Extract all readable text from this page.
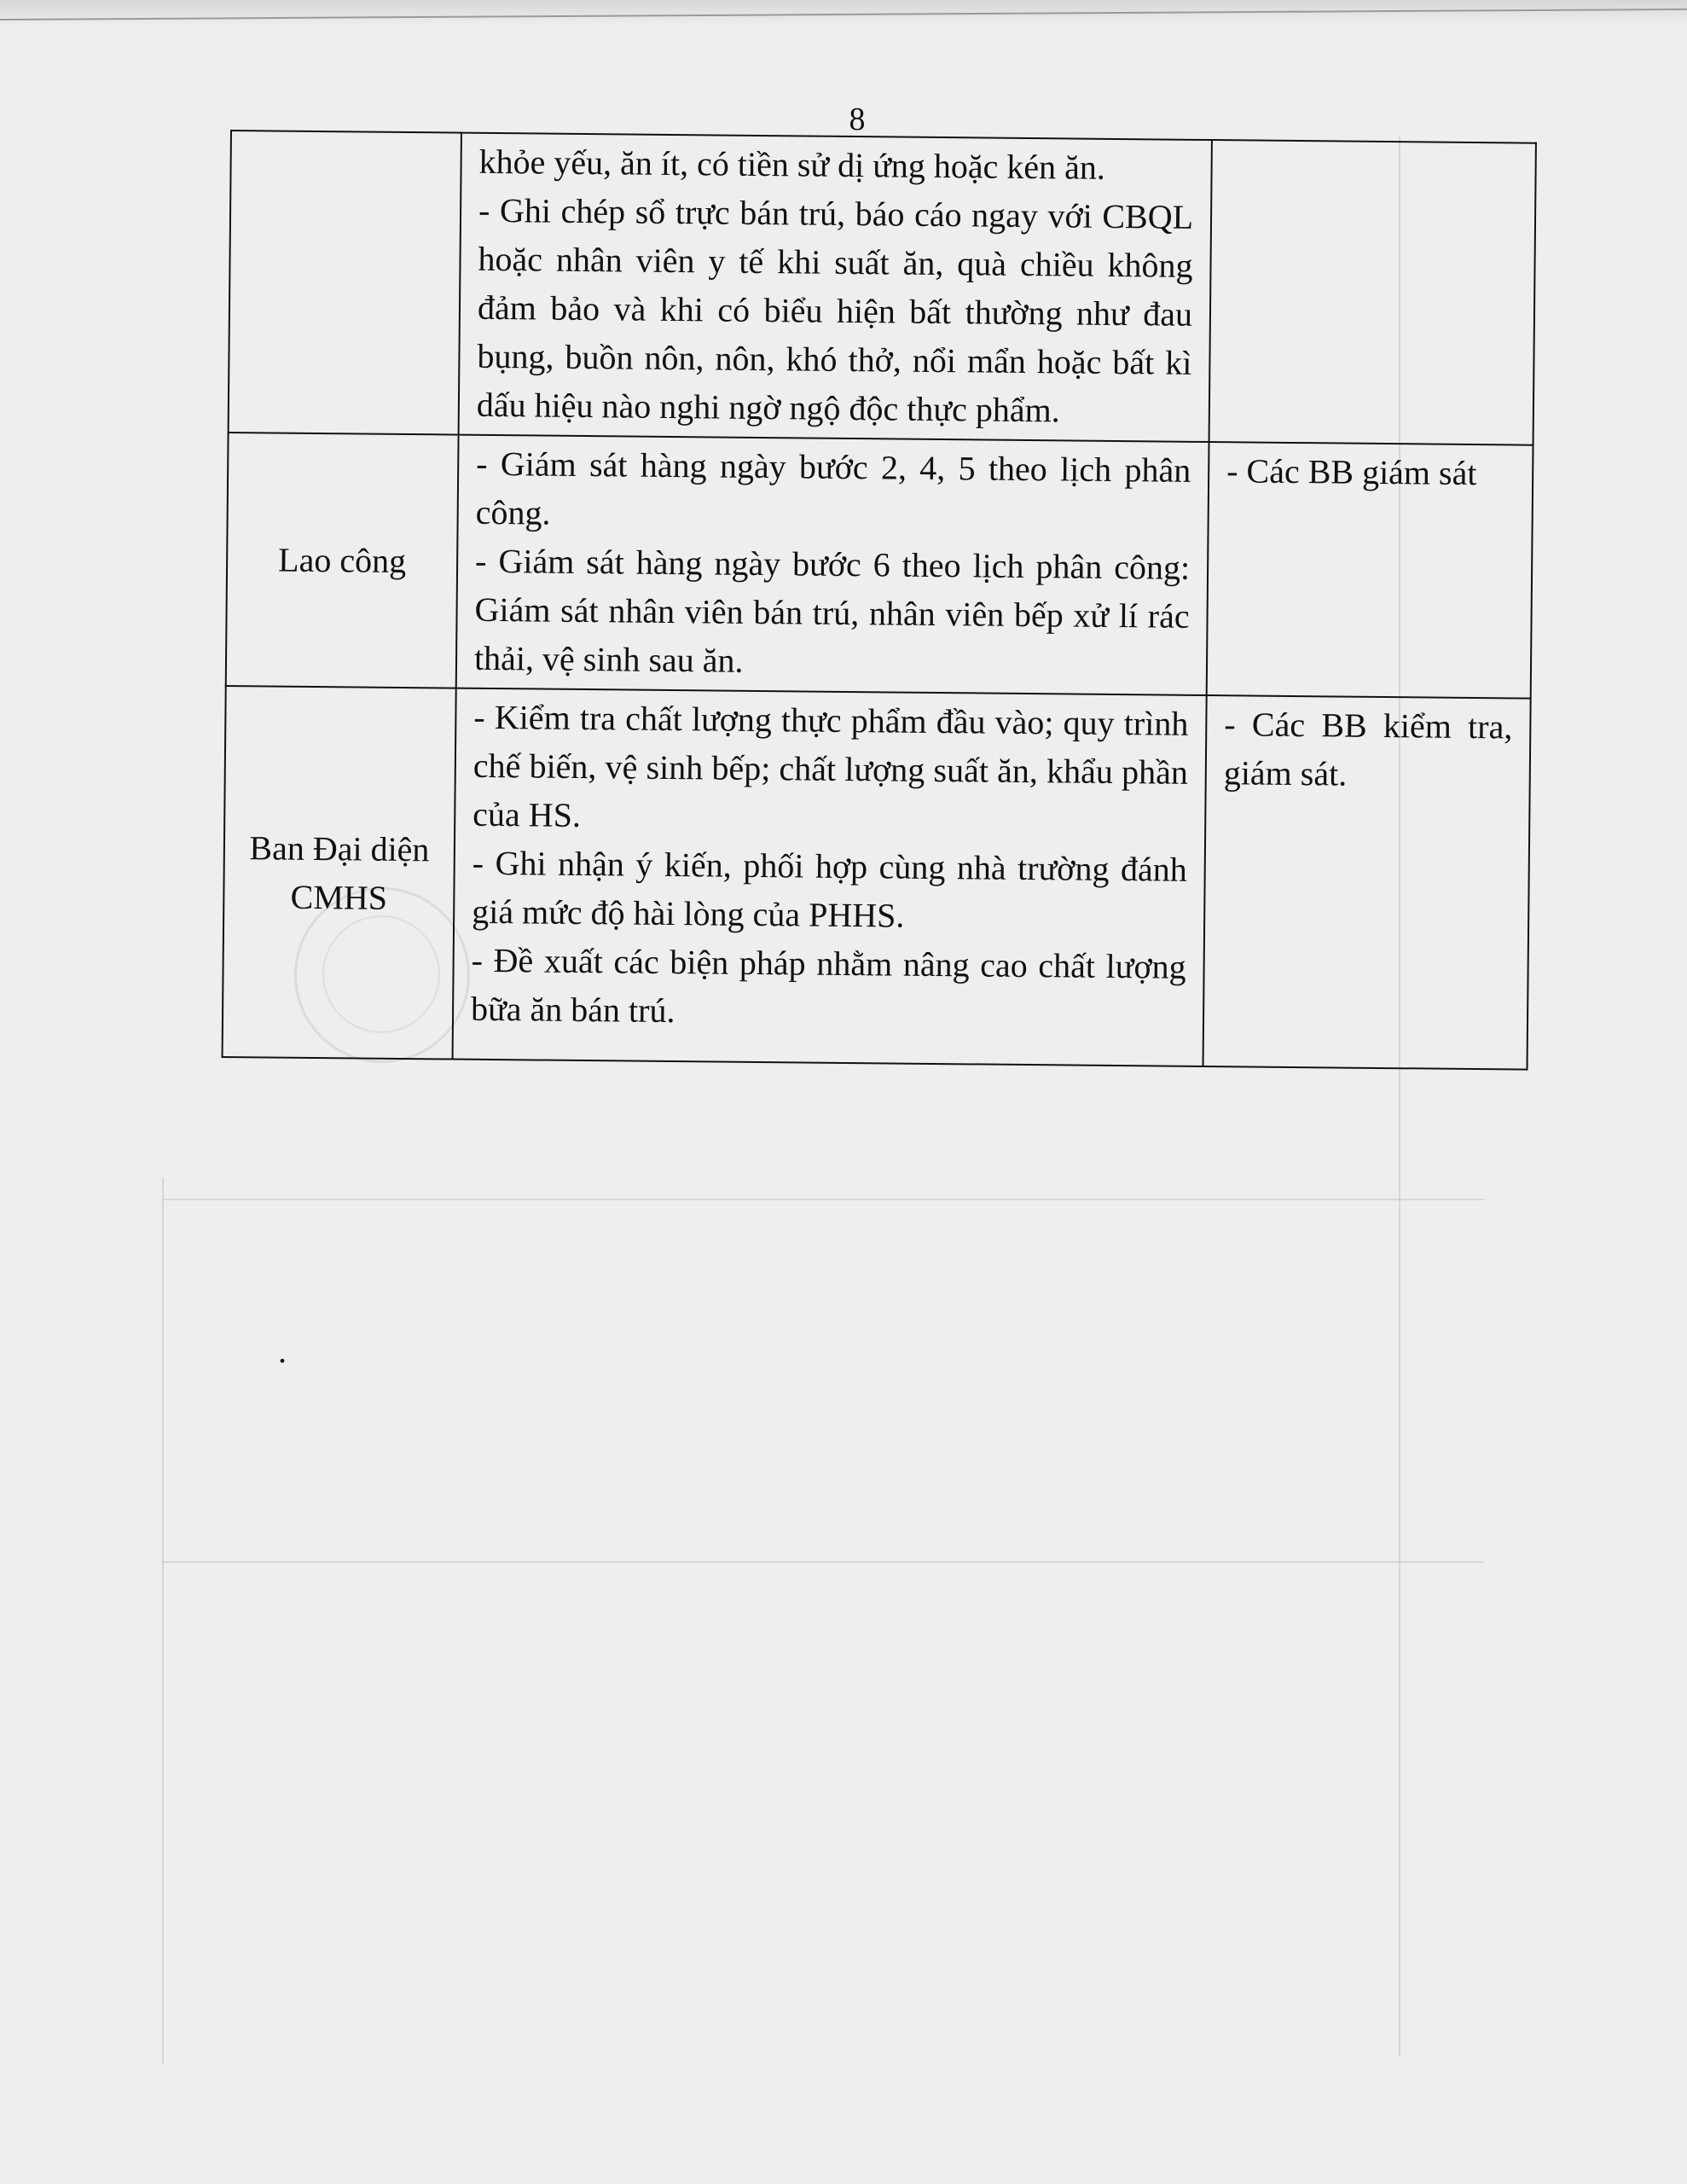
8

	khỏe yếu, ăn ít, có tiền sử dị ứng hoặc kén ăn.
- Ghi chép sổ trực bán trú, báo cáo ngay với CBQL hoặc nhân viên y tế khi suất ăn, quà chiều không đảm bảo và khi có biểu hiện bất thường như đau bụng, buồn nôn, nôn, khó thở, nổi mẩn hoặc bất kì dấu hiệu nào nghi ngờ ngộ độc thực phẩm.	

Lao công	- Giám sát hàng ngày bước 2, 4, 5 theo lịch phân công.
- Giám sát hàng ngày bước 6 theo lịch phân công: Giám sát nhân viên bán trú, nhân viên bếp xử lí rác thải, vệ sinh sau ăn.	- Các BB giám sát
Ban Đại diện CMHS	- Kiểm tra chất lượng thực phẩm đầu vào; quy trình chế biến, vệ sinh bếp; chất lượng suất ăn, khẩu phần của HS.
- Ghi nhận ý kiến, phối hợp cùng nhà trường đánh giá mức độ hài lòng của PHHS.
- Đề xuất các biện pháp nhằm nâng cao chất lượng bữa ăn bán trú.	- Các BB kiểm tra, giám sát.
.
